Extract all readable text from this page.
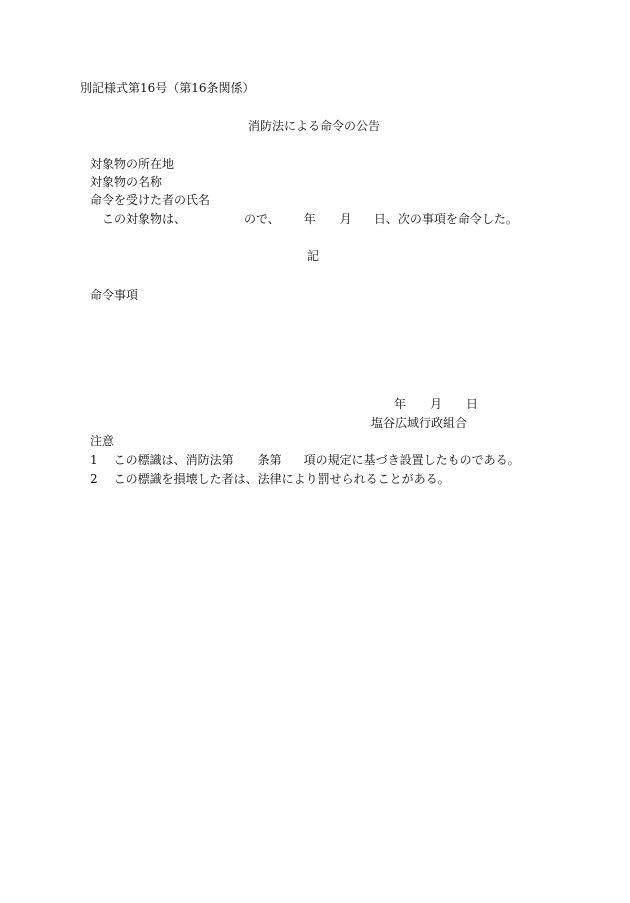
別記様式第16号（第16条関係）
消防法による命令の公告
対象物の所在地
対象物の名称
命令を受けた者の氏名
この対象物は、	ので、 年 月 日、次の事項を命令した。
記
命令事項
年 月 日
塩谷広域行政組合
注意
1 この標識は、消防法第 条第 項の規定に基づき設置したものである。
2 この標識を損壊した者は、法律により罰せられることがある。
